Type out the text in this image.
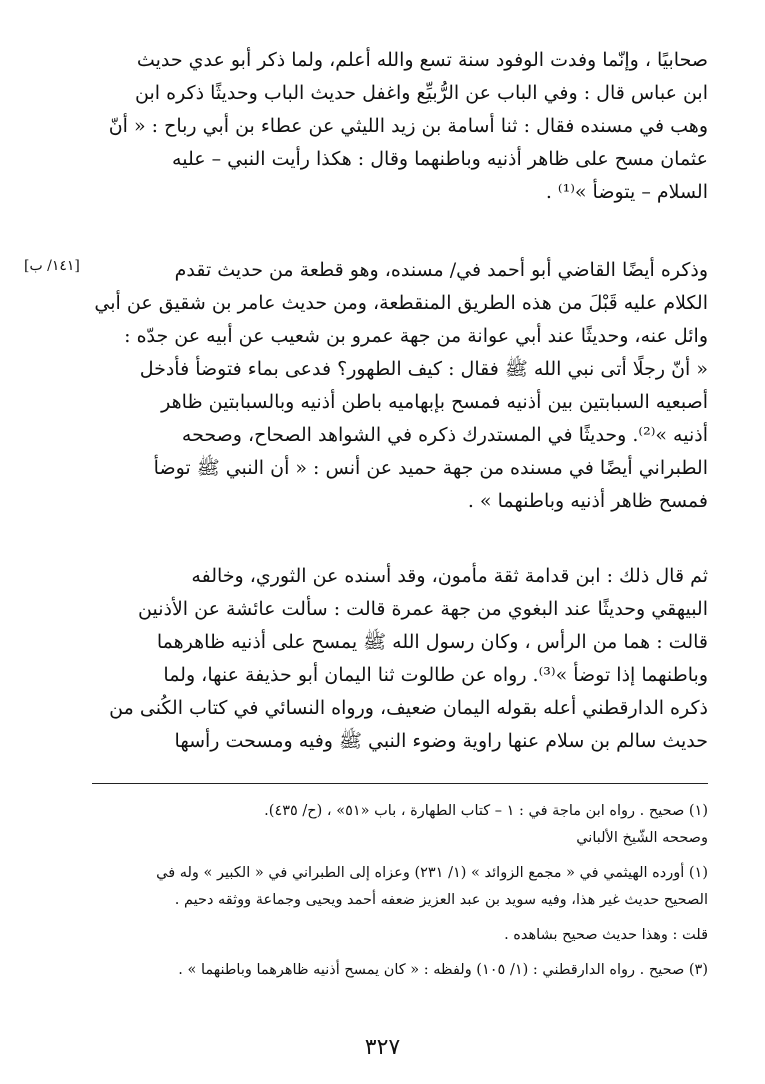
صحابيًا ، وإنّما وفدت الوفود سنة تسع والله أعلم، ولما ذكر أبو عدي حديث
ابن عباس قال : وفي الباب عن الرُّبيِّع واغفل حديث الباب وحديثًا ذكره ابن
وهب في مسنده فقال : ثنا أسامة بن زيد الليثي عن عطاء بن أبي رباح : « أنّ
عثمان مسح على ظاهر أذنيه وباطنهما وقال : هكذا رأيت النبي – عليه
السلام – يتوضأ »⁽¹⁾ .
[١٤١/ ب]	وذكره أيضًا القاضي أبو أحمد في/ مسنده، وهو قطعة من حديث تقدم
الكلام عليه قَبْلَ من هذه الطريق المنقطعة، ومن حديث عامر بن شقيق عن أبي
وائل عنه، وحديثًا عند أبي عوانة من جهة عمرو بن شعيب عن أبيه عن جدّه :
« أنّ رجلًا أتى نبي الله ﷺ فقال : كيف الطهور؟ فدعى بماء فتوضأ فأدخل
أصبعيه السبابتين بين أذنيه فمسح بإبهاميه باطن أذنيه وبالسبابتين ظاهر
أذنيه »⁽²⁾. وحديثًا في المستدرك ذكره في الشواهد الصحاح، وصححه
الطبراني أيضًا في مسنده من جهة حميد عن أنس : « أن النبي ﷺ توضأ
فمسح ظاهر أذنيه وباطنهما » .
ثم قال ذلك : ابن قدامة ثقة مأمون، وقد أسنده عن الثوري، وخالفه
البيهقي وحديثًا عند البغوي من جهة عمرة قالت : سألت عائشة عن الأذنين
قالت : هما من الرأس ، وكان رسول الله ﷺ يمسح على أذنيه ظاهرهما
وباطنهما إذا توضأ »⁽³⁾. رواه عن طالوت ثنا اليمان أبو حذيفة عنها، ولما
ذكره الدارقطني أعله بقوله اليمان ضعيف، ورواه النسائي في كتاب الكُنى من
حديث سالم بن سلام عنها راوية وضوء النبي ﷺ وفيه ومسحت رأسها
(١) صحيح . رواه ابن ماجة في : ١ – كتاب الطهارة ، باب «٥١» ، (ح/ ٤٣٥).
وصححه الشّيخ الألباني
(١) أورده الهيثمي في « مجمع الزوائد » (١/ ٢٣١) وعزاه إلى الطبراني في « الكبير » وله في
الصحيح حديث غير هذا، وفيه سويد بن عبد العزيز ضعفه أحمد ويحيى وجماعة ووثقه دحيم .
قلت : وهذا حديث صحيح بشاهده .
(٣) صحيح . رواه الدارقطني : (١/ ١٠٥) ولفظه : « كان يمسح أذنيه ظاهرهما وباطنهما » .
٣٢٧
